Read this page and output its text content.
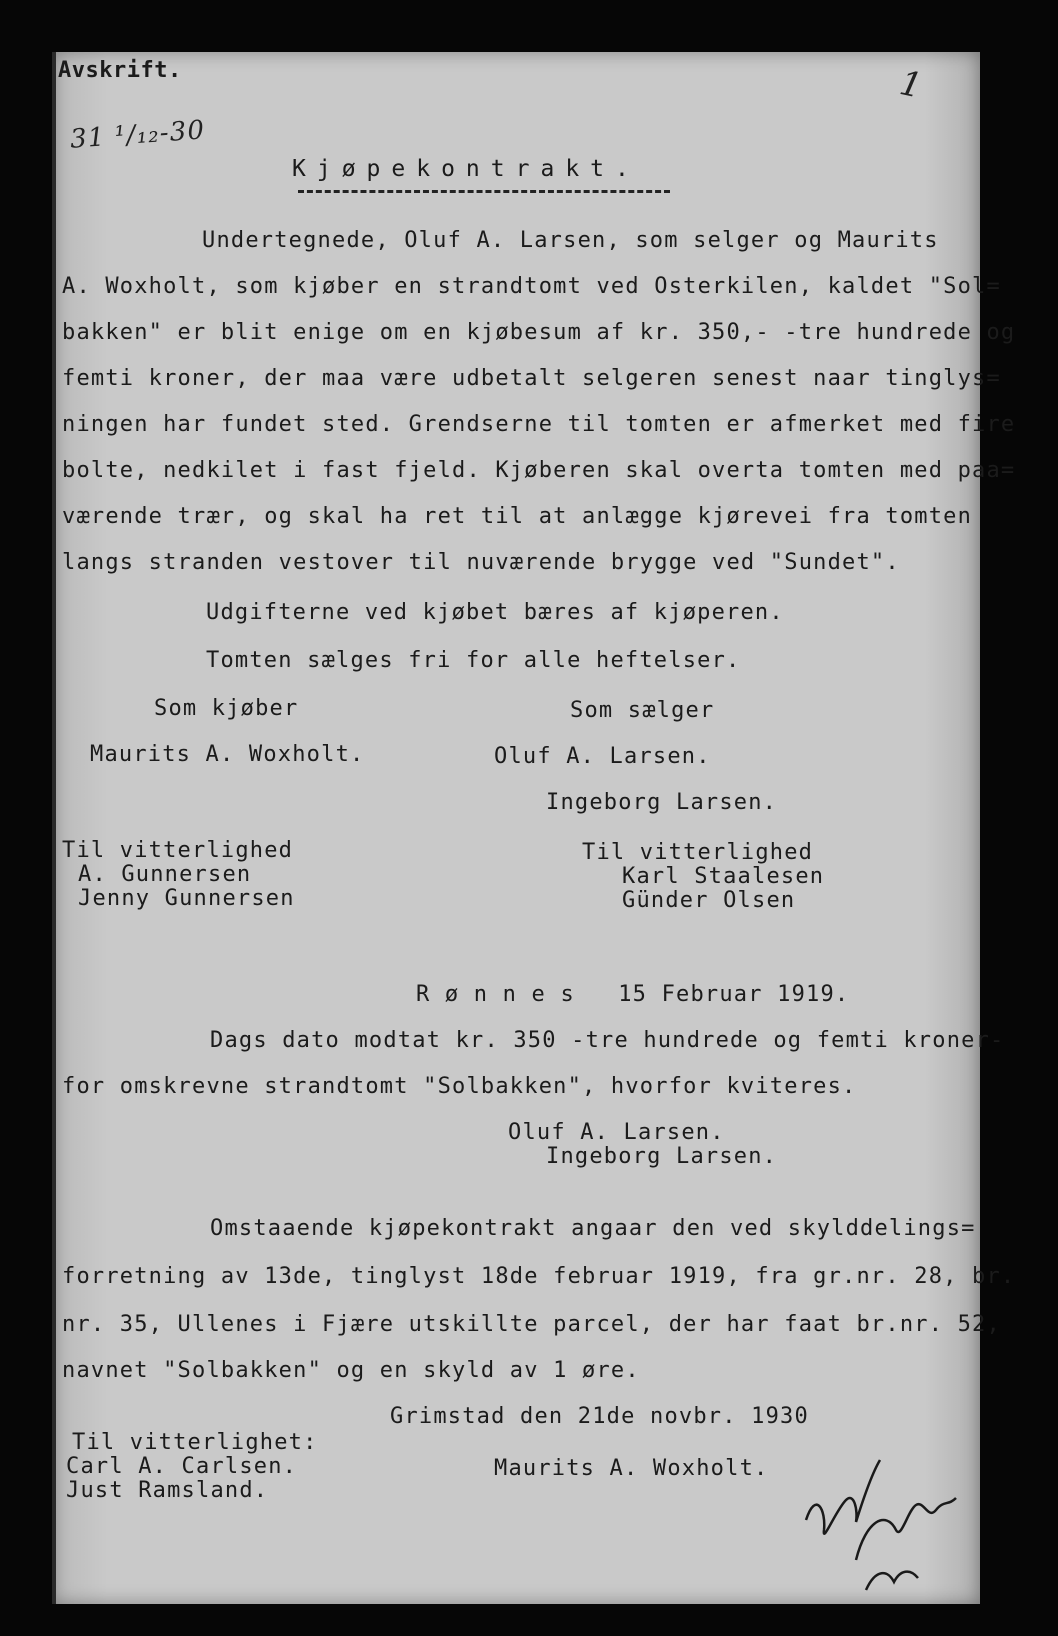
Avskrift.	1
31 ¹/₁₂-30
Kjøpekontrakt.
Undertegnede, Oluf A. Larsen, som selger og Maurits
A. Woxholt, som kjøber en strandtomt ved Osterkilen, kaldet "Sol=
bakken" er blit enige om en kjøbesum af kr. 350,- -tre hundrede og
femti kroner, der maa være udbetalt selgeren senest naar tinglys=
ningen har fundet sted. Grendserne til tomten er afmerket med fire
bolte, nedkilet i fast fjeld. Kjøberen skal overta tomten med paa=
værende trær, og skal ha ret til at anlægge kjørevei fra tomten
langs stranden vestover til nuværende brygge ved "Sundet".
Udgifterne ved kjøbet bæres af kjøperen.
Tomten sælges fri for alle heftelser.
Som kjøber	Som sælger
Maurits A. Woxholt.	Oluf A. Larsen.
Ingeborg Larsen.
Til vitterlighed
A. Gunnersen
Jenny Gunnersen
Til vitterlighed
Karl Staalesen
Günder Olsen
R ø n n e s   15 Februar 1919.
Dags dato modtat kr. 350 -tre hundrede og femti kroner-
for omskrevne strandtomt "Solbakken", hvorfor kviteres.
Oluf A. Larsen.
Ingeborg Larsen.
Omstaaende kjøpekontrakt angaar den ved skylddelings=
forretning av 13de, tinglyst 18de februar 1919, fra gr.nr. 28, br.
nr. 35, Ullenes i Fjære utskillte parcel, der har faat br.nr. 52,
navnet "Solbakken" og en skyld av 1 øre.
Grimstad den 21de novbr. 1930
Til vitterlighet:
Carl A. Carlsen.
Just Ramsland.
Maurits A. Woxholt.
